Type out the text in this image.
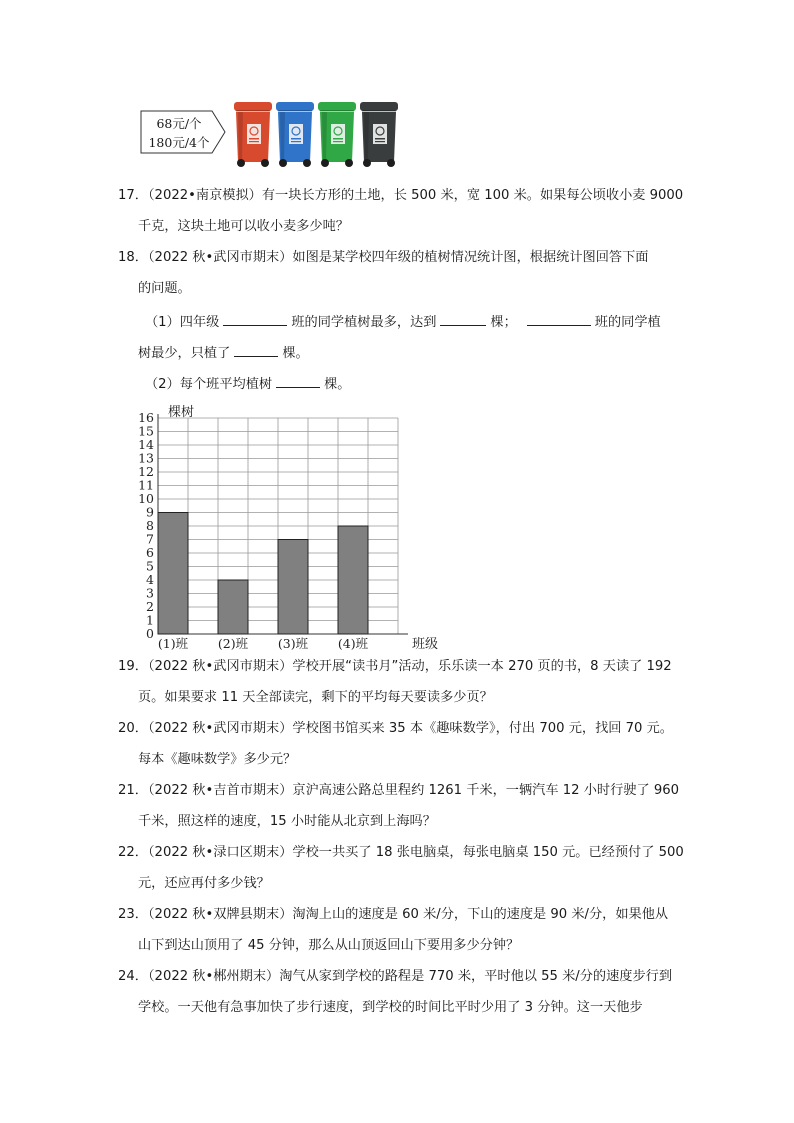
68元/个
180元/4个
17．（2022•南京模拟）有一块长方形的土地，长 500 米，宽 100 米。如果每公顷收小麦 9000
千克，这块土地可以收小麦多少吨？
18．（2022 秋•武冈市期末）如图是某学校四年级的植树情况统计图，根据统计图回答下面
的问题。
（1）四年级	班的同学植树最多，达到	棵；	班的同学植
树最少，只植了	棵。
（2）每个班平均植树	棵。
0
1
2
3
4
5
6
7
8
9
10
11
12
13
14
15
16
(1)班 (2)班 (3)班 (4)班
棵树
班级
19．（2022 秋•武冈市期末）学校开展“读书月”活动，乐乐读一本 270 页的书，8 天读了 192
页。如果要求 11 天全部读完，剩下的平均每天要读多少页？
20．（2022 秋•武冈市期末）学校图书馆买来 35 本《趣味数学》，付出 700 元，找回 70 元。
每本《趣味数学》多少元？
21．（2022 秋•吉首市期末）京沪高速公路总里程约 1261 千米，一辆汽车 12 小时行驶了 960
千米，照这样的速度，15 小时能从北京到上海吗？
22．（2022 秋•渌口区期末）学校一共买了 18 张电脑桌，每张电脑桌 150 元。已经预付了 500
元，还应再付多少钱？
23．（2022 秋•双牌县期末）淘淘上山的速度是 60 米/分，下山的速度是 90 米/分，如果他从
山下到达山顶用了 45 分钟，那么从山顶返回山下要用多少分钟？
24．（2022 秋•郴州期末）淘气从家到学校的路程是 770 米，平时他以 55 米/分的速度步行到
学校。一天他有急事加快了步行速度，到学校的时间比平时少用了 3 分钟。这一天他步
